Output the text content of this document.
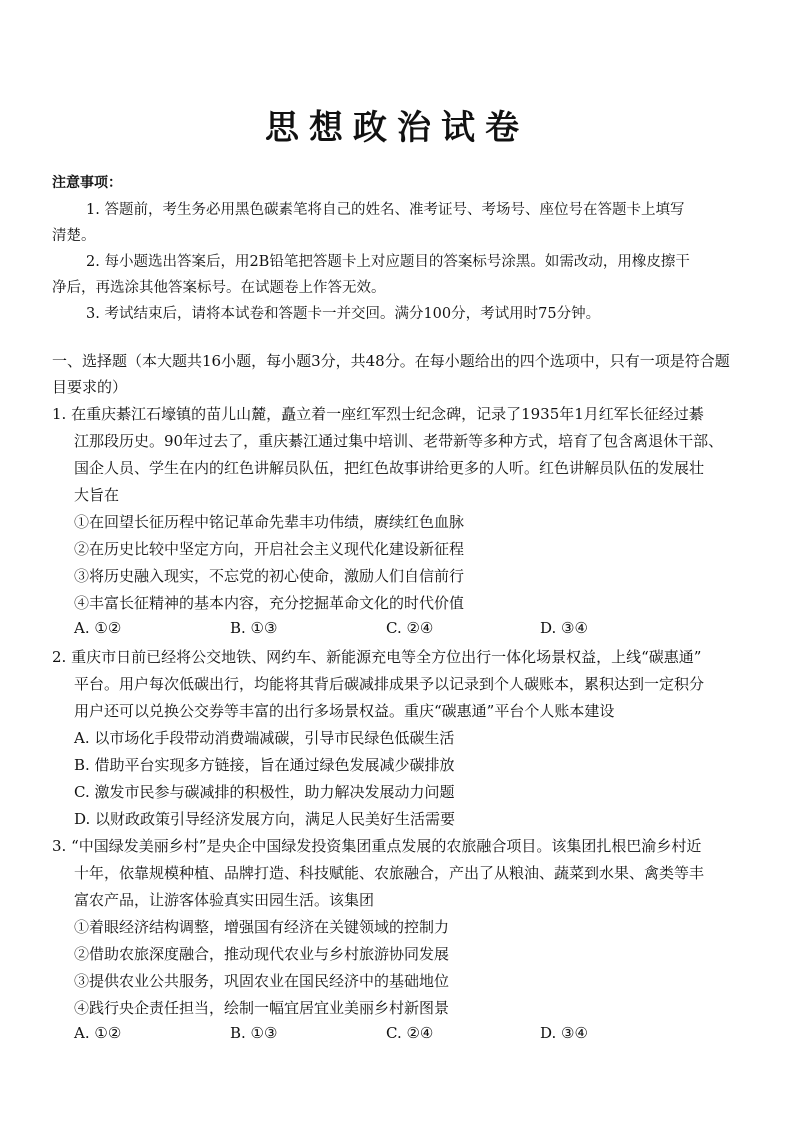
思想政治试卷
注意事项：
1. 答题前，考生务必用黑色碳素笔将自己的姓名、准考证号、考场号、座位号在答题卡上填写
清楚。
2. 每小题选出答案后，用2B铅笔把答题卡上对应题目的答案标号涂黑。如需改动，用橡皮擦干
净后，再选涂其他答案标号。在试题卷上作答无效。
3. 考试结束后，请将本试卷和答题卡一并交回。满分100分，考试用时75分钟。
一、选择题（本大题共16小题，每小题3分，共48分。在每小题给出的四个选项中，只有一项是符合题
目要求的）
1. 在重庆綦江石壕镇的苗儿山麓，矗立着一座红军烈士纪念碑，记录了1935年1月红军长征经过綦
江那段历史。90年过去了，重庆綦江通过集中培训、老带新等多种方式，培育了包含离退休干部、
国企人员、学生在内的红色讲解员队伍，把红色故事讲给更多的人听。红色讲解员队伍的发展壮
大旨在
①在回望长征历程中铭记革命先辈丰功伟绩，赓续红色血脉
②在历史比较中坚定方向，开启社会主义现代化建设新征程
③将历史融入现实，不忘党的初心使命，激励人们自信前行
④丰富长征精神的基本内容，充分挖掘革命文化的时代价值
A. ①②	B. ①③	C. ②④	D. ③④
2. 重庆市日前已经将公交地铁、网约车、新能源充电等全方位出行一体化场景权益，上线“碳惠通”
平台。用户每次低碳出行，均能将其背后碳减排成果予以记录到个人碳账本，累积达到一定积分
用户还可以兑换公交券等丰富的出行多场景权益。重庆“碳惠通”平台个人账本建设
A. 以市场化手段带动消费端减碳，引导市民绿色低碳生活
B. 借助平台实现多方链接，旨在通过绿色发展减少碳排放
C. 激发市民参与碳减排的积极性，助力解决发展动力问题
D. 以财政政策引导经济发展方向，满足人民美好生活需要
3. “中国绿发美丽乡村”是央企中国绿发投资集团重点发展的农旅融合项目。该集团扎根巴渝乡村近
十年，依靠规模种植、品牌打造、科技赋能、农旅融合，产出了从粮油、蔬菜到水果、禽类等丰
富农产品，让游客体验真实田园生活。该集团
①着眼经济结构调整，增强国有经济在关键领域的控制力
②借助农旅深度融合，推动现代农业与乡村旅游协同发展
③提供农业公共服务，巩固农业在国民经济中的基础地位
④践行央企责任担当，绘制一幅宜居宜业美丽乡村新图景
A. ①②	B. ①③	C. ②④	D. ③④
